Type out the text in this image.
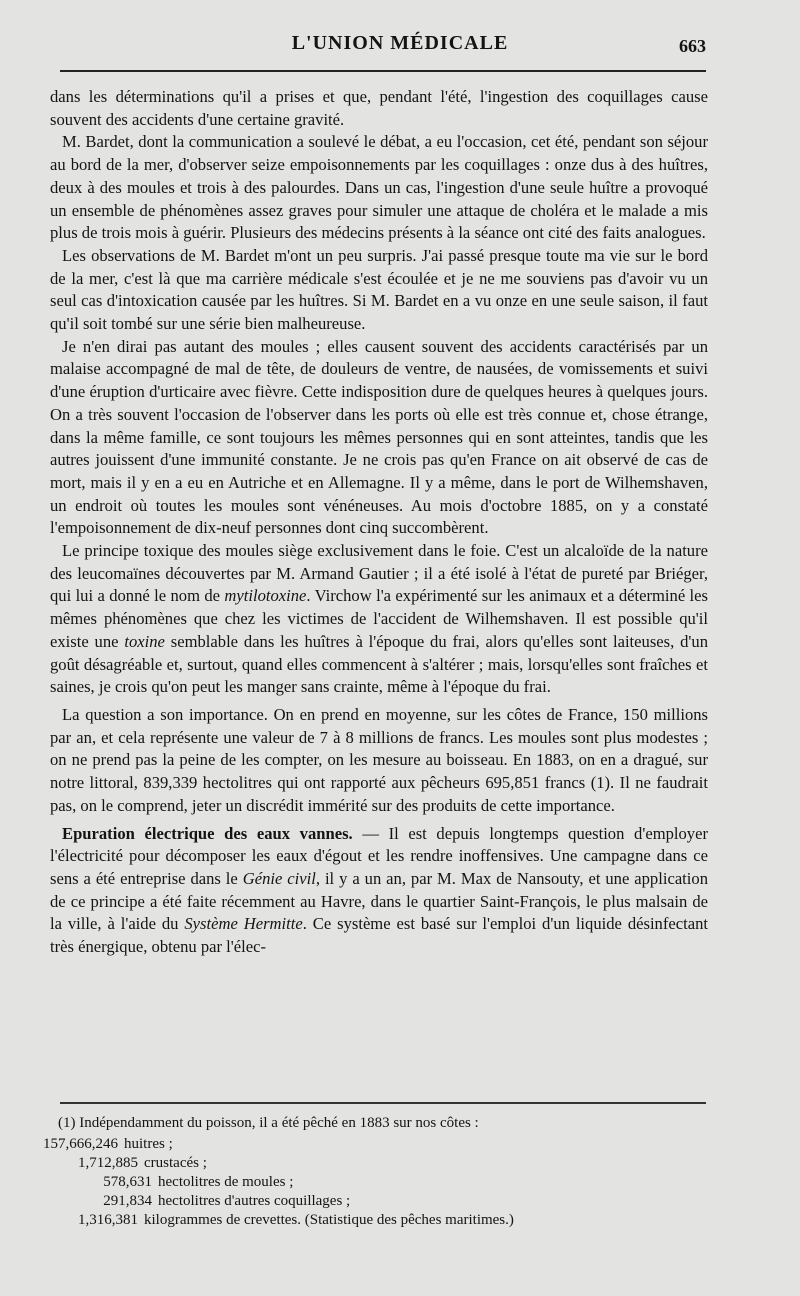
L'UNION MÉDICALE	663

dans les déterminations qu'il a prises et que, pendant l'été, l'ingestion des coquillages cause souvent des accidents d'une certaine gravité.

M. Bardet, dont la communication a soulevé le débat, a eu l'occasion, cet été, pendant son séjour au bord de la mer, d'observer seize empoisonnements par les coquillages : onze dus à des huîtres, deux à des moules et trois à des palourdes. Dans un cas, l'ingestion d'une seule huître a provoqué un ensemble de phénomènes assez graves pour simuler une attaque de choléra et le malade a mis plus de trois mois à guérir. Plusieurs des médecins présents à la séance ont cité des faits analogues.

Les observations de M. Bardet m'ont un peu surpris. J'ai passé presque toute ma vie sur le bord de la mer, c'est là que ma carrière médicale s'est écoulée et je ne me souviens pas d'avoir vu un seul cas d'intoxication causée par les huîtres. Si M. Bardet en a vu onze en une seule saison, il faut qu'il soit tombé sur une série bien malheureuse.

Je n'en dirai pas autant des moules ; elles causent souvent des accidents caractérisés par un malaise accompagné de mal de tête, de douleurs de ventre, de nausées, de vomissements et suivi d'une éruption d'urticaire avec fièvre. Cette indisposition dure de quelques heures à quelques jours. On a très souvent l'occasion de l'observer dans les ports où elle est très connue et, chose étrange, dans la même famille, ce sont toujours les mêmes personnes qui en sont atteintes, tandis que les autres jouissent d'une immunité constante. Je ne crois pas qu'en France on ait observé de cas de mort, mais il y en a eu en Autriche et en Allemagne. Il y a même, dans le port de Wilhemshaven, un endroit où toutes les moules sont vénéneuses. Au mois d'octobre 1885, on y a constaté l'empoisonnement de dix-neuf personnes dont cinq succombèrent.

Le principe toxique des moules siège exclusivement dans le foie. C'est un alcaloïde de la nature des leucomaïnes découvertes par M. Armand Gautier ; il a été isolé à l'état de pureté par Briéger, qui lui a donné le nom de mytilotoxine. Virchow l'a expérimenté sur les animaux et a déterminé les mêmes phénomènes que chez les victimes de l'accident de Wilhemshaven. Il est possible qu'il existe une toxine semblable dans les huîtres à l'époque du frai, alors qu'elles sont laiteuses, d'un goût désagréable et, surtout, quand elles commencent à s'altérer ; mais, lorsqu'elles sont fraîches et saines, je crois qu'on peut les manger sans crainte, même à l'époque du frai.

La question a son importance. On en prend en moyenne, sur les côtes de France, 150 millions par an, et cela représente une valeur de 7 à 8 millions de francs. Les moules sont plus modestes ; on ne prend pas la peine de les compter, on les mesure au boisseau. En 1883, on en a dragué, sur notre littoral, 839,339 hectolitres qui ont rapporté aux pêcheurs 695,851 francs (1). Il ne faudrait pas, on le comprend, jeter un discrédit immérité sur des produits de cette importance.

Epuration électrique des eaux vannes. — Il est depuis longtemps question d'employer l'électricité pour décomposer les eaux d'égout et les rendre inoffensives. Une campagne dans ce sens a été entreprise dans le Génie civil, il y a un an, par M. Max de Nansouty, et une application de ce principe a été faite récemment au Havre, dans le quartier Saint-François, le plus malsain de la ville, à l'aide du Système Hermitte. Ce système est basé sur l'emploi d'un liquide désinfectant très énergique, obtenu par l'élec-

(1) Indépendamment du poisson, il a été pêché en 1883 sur nos côtes :

157,666,246 huitres ;

1,712,885 crustacés ;

578,631 hectolitres de moules ;

291,834 hectolitres d'autres coquillages ;

1,316,381 kilogrammes de crevettes. (Statistique des pêches maritimes.)
